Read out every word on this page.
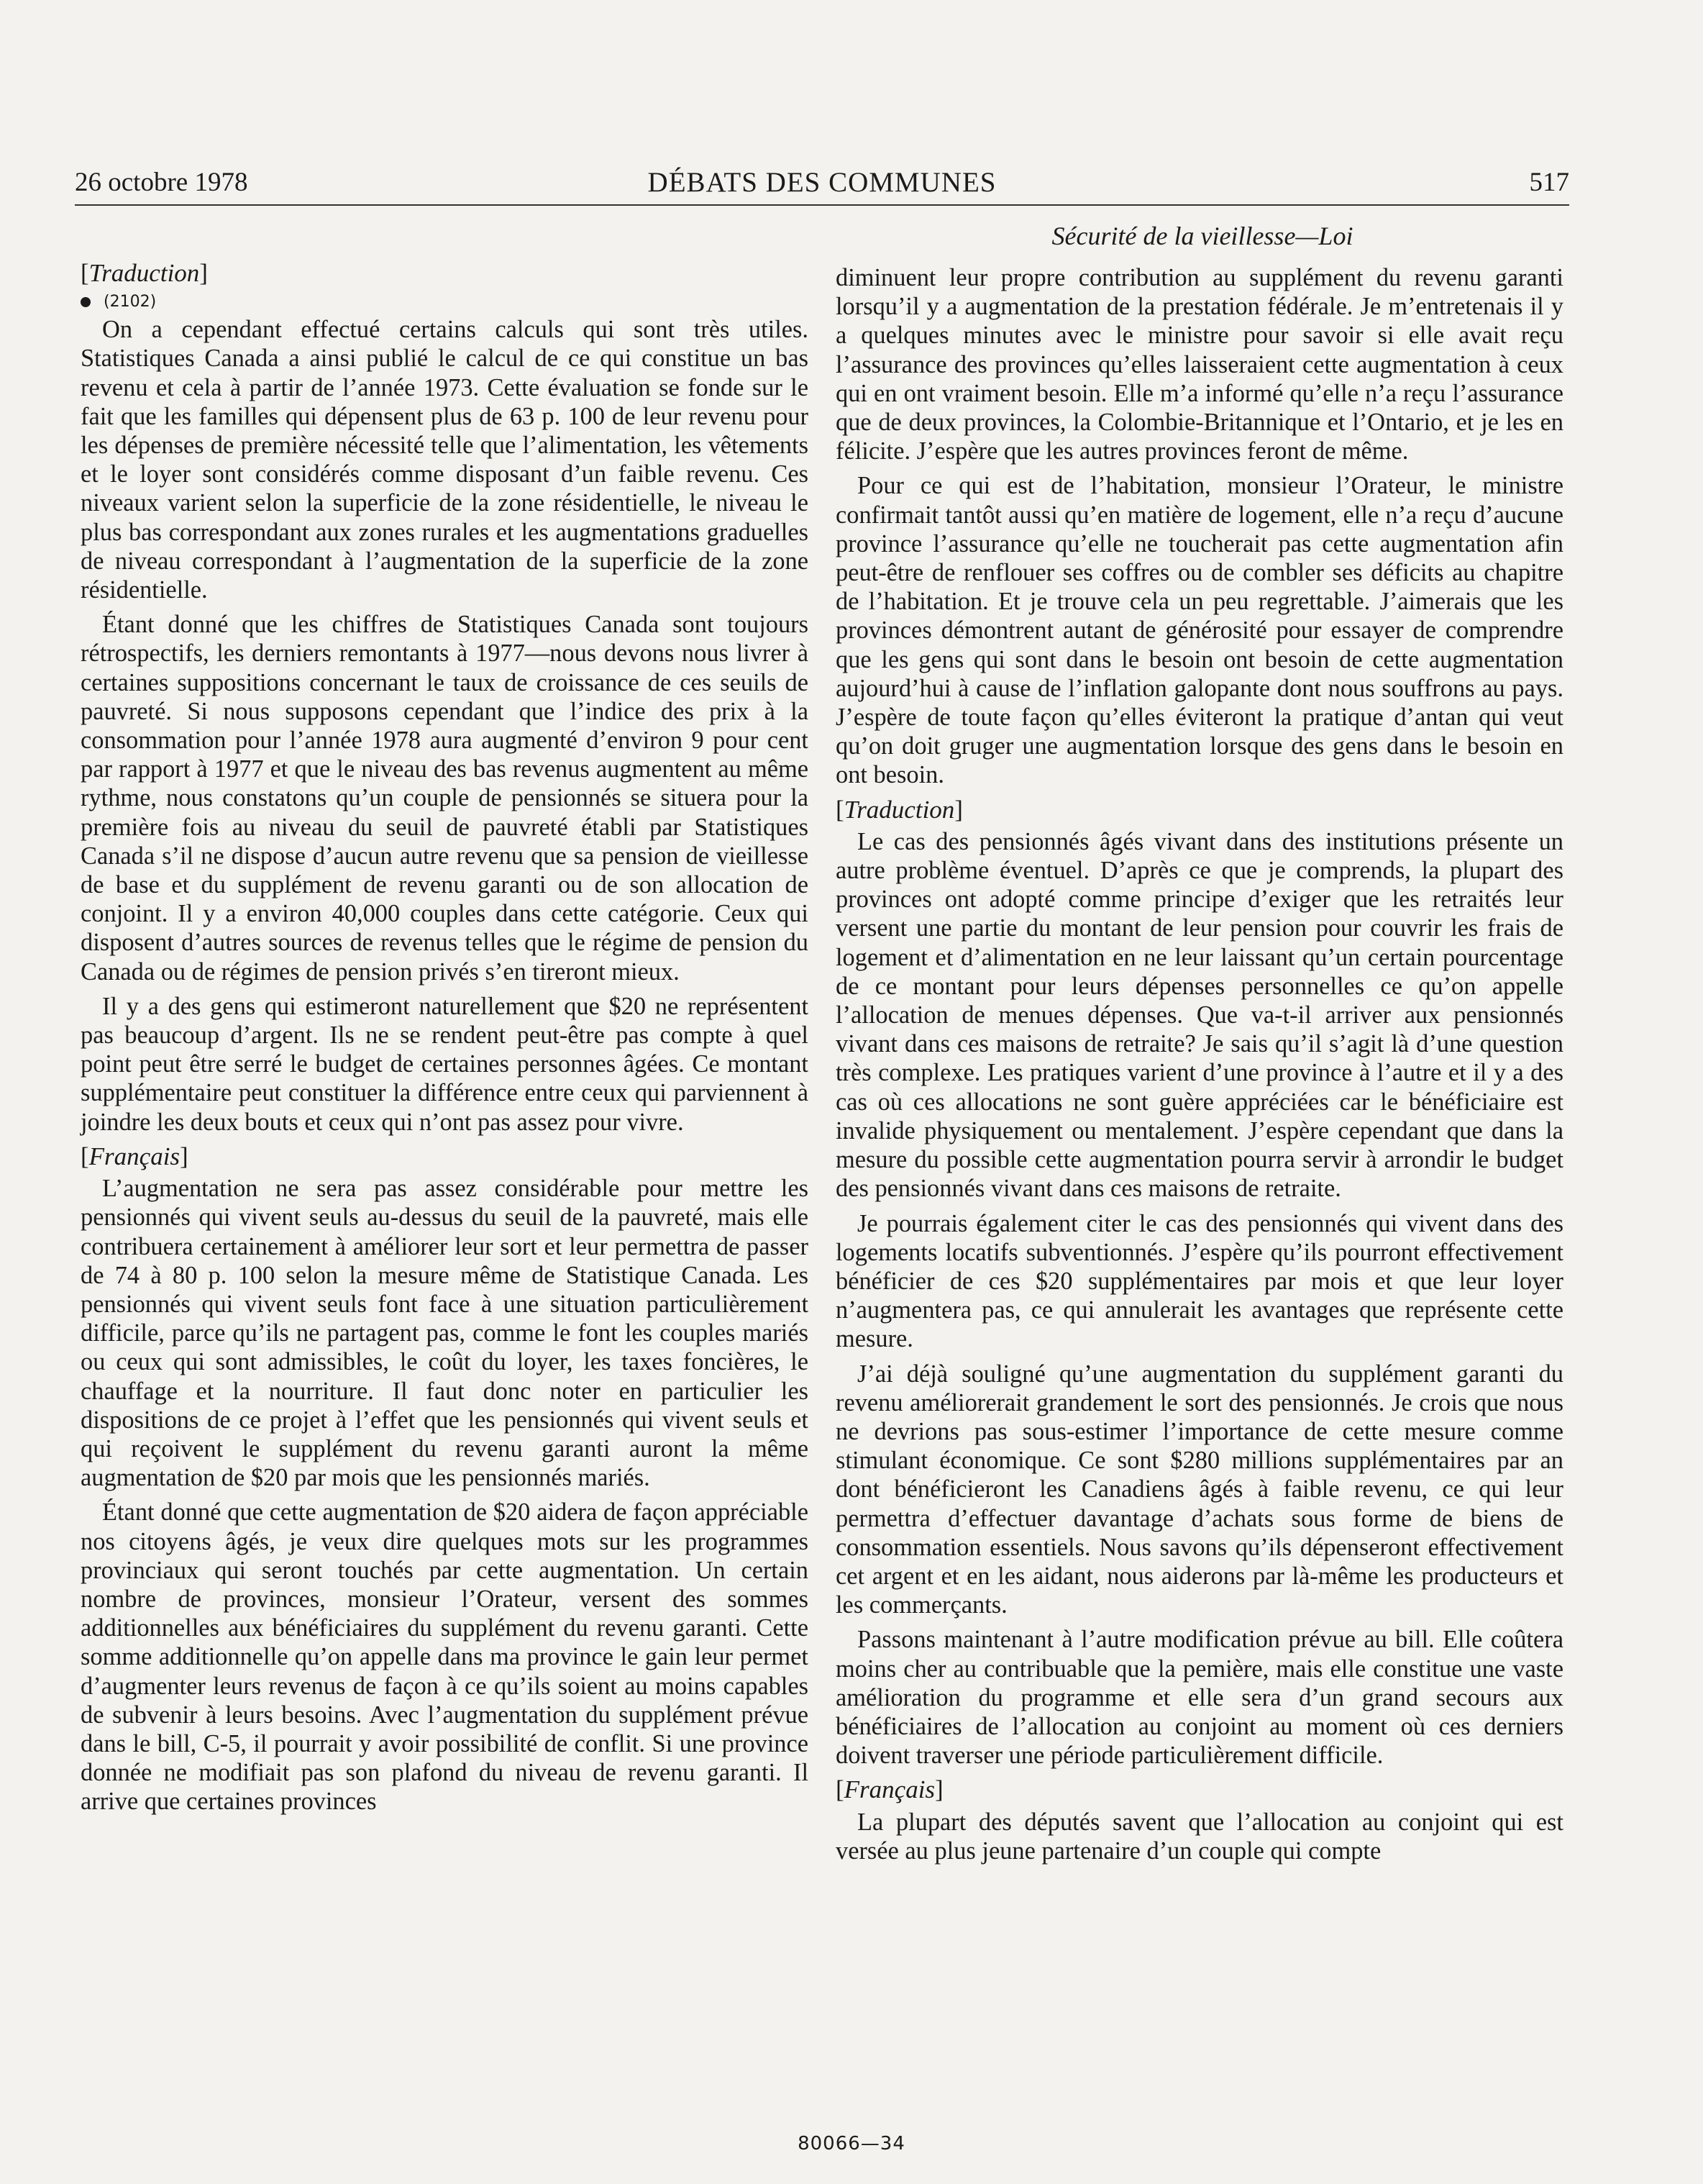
26 octobre 1978	DÉBATS DES COMMUNES	517
Sécurité de la vieillesse—Loi
[Traduction]
(2102)

On a cependant effectué certains calculs qui sont très utiles. Statistiques Canada a ainsi publié le calcul de ce qui constitue un bas revenu et cela à partir de l’année 1973. Cette évaluation se fonde sur le fait que les familles qui dépensent plus de 63 p. 100 de leur revenu pour les dépenses de première nécessité telle que l’alimentation, les vêtements et le loyer sont considérés comme disposant d’un faible revenu. Ces niveaux varient selon la superficie de la zone résidentielle, le niveau le plus bas correspondant aux zones rurales et les augmentations graduelles de niveau correspondant à l’augmentation de la superficie de la zone résidentielle.

Étant donné que les chiffres de Statistiques Canada sont toujours rétrospectifs, les derniers remontants à 1977—nous devons nous livrer à certaines suppositions concernant le taux de croissance de ces seuils de pauvreté. Si nous supposons cependant que l’indice des prix à la consommation pour l’année 1978 aura augmenté d’environ 9 pour cent par rapport à 1977 et que le niveau des bas revenus augmentent au même rythme, nous constatons qu’un couple de pensionnés se situera pour la première fois au niveau du seuil de pauvreté établi par Statistiques Canada s’il ne dispose d’aucun autre revenu que sa pension de vieillesse de base et du supplément de revenu garanti ou de son allocation de conjoint. Il y a environ 40,000 couples dans cette catégorie. Ceux qui disposent d’autres sources de revenus telles que le régime de pension du Canada ou de régimes de pension privés s’en tireront mieux.

Il y a des gens qui estimeront naturellement que $20 ne représentent pas beaucoup d’argent. Ils ne se rendent peut-être pas compte à quel point peut être serré le budget de certaines personnes âgées. Ce montant supplémentaire peut constituer la différence entre ceux qui parviennent à joindre les deux bouts et ceux qui n’ont pas assez pour vivre.

[Français]

L’augmentation ne sera pas assez considérable pour mettre les pensionnés qui vivent seuls au-dessus du seuil de la pauvreté, mais elle contribuera certainement à améliorer leur sort et leur permettra de passer de 74 à 80 p. 100 selon la mesure même de Statistique Canada. Les pensionnés qui vivent seuls font face à une situation particulièrement difficile, parce qu’ils ne partagent pas, comme le font les couples mariés ou ceux qui sont admissibles, le coût du loyer, les taxes foncières, le chauffage et la nourriture. Il faut donc noter en particulier les dispositions de ce projet à l’effet que les pensionnés qui vivent seuls et qui reçoivent le supplément du revenu garanti auront la même augmentation de $20 par mois que les pensionnés mariés.

Étant donné que cette augmentation de $20 aidera de façon appréciable nos citoyens âgés, je veux dire quelques mots sur les programmes provinciaux qui seront touchés par cette augmentation. Un certain nombre de provinces, monsieur l’Orateur, versent des sommes additionnelles aux bénéficiaires du supplément du revenu garanti. Cette somme additionnelle qu’on appelle dans ma province le gain leur permet d’augmenter leurs revenus de façon à ce qu’ils soient au moins capables de subvenir à leurs besoins. Avec l’augmentation du supplément prévue dans le bill, C-5, il pourrait y avoir possibilité de conflit. Si une province donnée ne modifiait pas son plafond du niveau de revenu garanti. Il arrive que certaines provinces

diminuent leur propre contribution au supplément du revenu garanti lorsqu’il y a augmentation de la prestation fédérale. Je m’entretenais il y a quelques minutes avec le ministre pour savoir si elle avait reçu l’assurance des provinces qu’elles laisseraient cette augmentation à ceux qui en ont vraiment besoin. Elle m’a informé qu’elle n’a reçu l’assurance que de deux provinces, la Colombie-Britannique et l’Ontario, et je les en félicite. J’espère que les autres provinces feront de même.

Pour ce qui est de l’habitation, monsieur l’Orateur, le ministre confirmait tantôt aussi qu’en matière de logement, elle n’a reçu d’aucune province l’assurance qu’elle ne toucherait pas cette augmentation afin peut-être de renflouer ses coffres ou de combler ses déficits au chapitre de l’habitation. Et je trouve cela un peu regrettable. J’aimerais que les provinces démontrent autant de générosité pour essayer de comprendre que les gens qui sont dans le besoin ont besoin de cette augmentation aujourd’hui à cause de l’inflation galopante dont nous souffrons au pays. J’espère de toute façon qu’elles éviteront la pratique d’antan qui veut qu’on doit gruger une augmentation lorsque des gens dans le besoin en ont besoin.

[Traduction]

Le cas des pensionnés âgés vivant dans des institutions présente un autre problème éventuel. D’après ce que je comprends, la plupart des provinces ont adopté comme principe d’exiger que les retraités leur versent une partie du montant de leur pension pour couvrir les frais de logement et d’alimentation en ne leur laissant qu’un certain pourcentage de ce montant pour leurs dépenses personnelles ce qu’on appelle l’allocation de menues dépenses. Que va-t-il arriver aux pensionnés vivant dans ces maisons de retraite? Je sais qu’il s’agit là d’une question très complexe. Les pratiques varient d’une province à l’autre et il y a des cas où ces allocations ne sont guère appréciées car le bénéficiaire est invalide physiquement ou mentalement. J’espère cependant que dans la mesure du possible cette augmentation pourra servir à arrondir le budget des pensionnés vivant dans ces maisons de retraite.

Je pourrais également citer le cas des pensionnés qui vivent dans des logements locatifs subventionnés. J’espère qu’ils pourront effectivement bénéficier de ces $20 supplémentaires par mois et que leur loyer n’augmentera pas, ce qui annulerait les avantages que représente cette mesure.

J’ai déjà souligné qu’une augmentation du supplément garanti du revenu améliorerait grandement le sort des pensionnés. Je crois que nous ne devrions pas sous-estimer l’importance de cette mesure comme stimulant économique. Ce sont $280 millions supplémentaires par an dont bénéficieront les Canadiens âgés à faible revenu, ce qui leur permettra d’effectuer davantage d’achats sous forme de biens de consommation essentiels. Nous savons qu’ils dépenseront effectivement cet argent et en les aidant, nous aiderons par là-même les producteurs et les commerçants.

Passons maintenant à l’autre modification prévue au bill. Elle coûtera moins cher au contribuable que la pemière, mais elle constitue une vaste amélioration du programme et elle sera d’un grand secours aux bénéficiaires de l’allocation au conjoint au moment où ces derniers doivent traverser une période particulièrement difficile.

[Français]

La plupart des députés savent que l’allocation au conjoint qui est versée au plus jeune partenaire d’un couple qui compte

80066—34
